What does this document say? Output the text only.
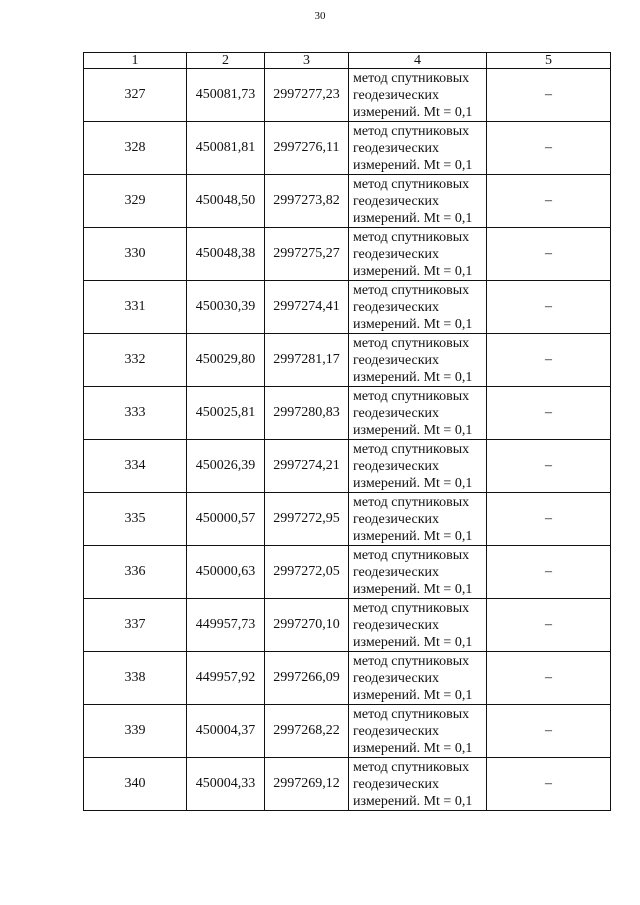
30
1	2	3	4	5
327	450081,73	2997277,23	метод спутниковых
геодезических
измерений. Mt = 0,1	–
328	450081,81	2997276,11	метод спутниковых
геодезических
измерений. Mt = 0,1	–
329	450048,50	2997273,82	метод спутниковых
геодезических
измерений. Mt = 0,1	–
330	450048,38	2997275,27	метод спутниковых
геодезических
измерений. Mt = 0,1	–
331	450030,39	2997274,41	метод спутниковых
геодезических
измерений. Mt = 0,1	–
332	450029,80	2997281,17	метод спутниковых
геодезических
измерений. Mt = 0,1	–
333	450025,81	2997280,83	метод спутниковых
геодезических
измерений. Mt = 0,1	–
334	450026,39	2997274,21	метод спутниковых
геодезических
измерений. Mt = 0,1	–
335	450000,57	2997272,95	метод спутниковых
геодезических
измерений. Mt = 0,1	–
336	450000,63	2997272,05	метод спутниковых
геодезических
измерений. Mt = 0,1	–
337	449957,73	2997270,10	метод спутниковых
геодезических
измерений. Mt = 0,1	–
338	449957,92	2997266,09	метод спутниковых
геодезических
измерений. Mt = 0,1	–
339	450004,37	2997268,22	метод спутниковых
геодезических
измерений. Mt = 0,1	–
340	450004,33	2997269,12	метод спутниковых
геодезических
измерений. Mt = 0,1	–
